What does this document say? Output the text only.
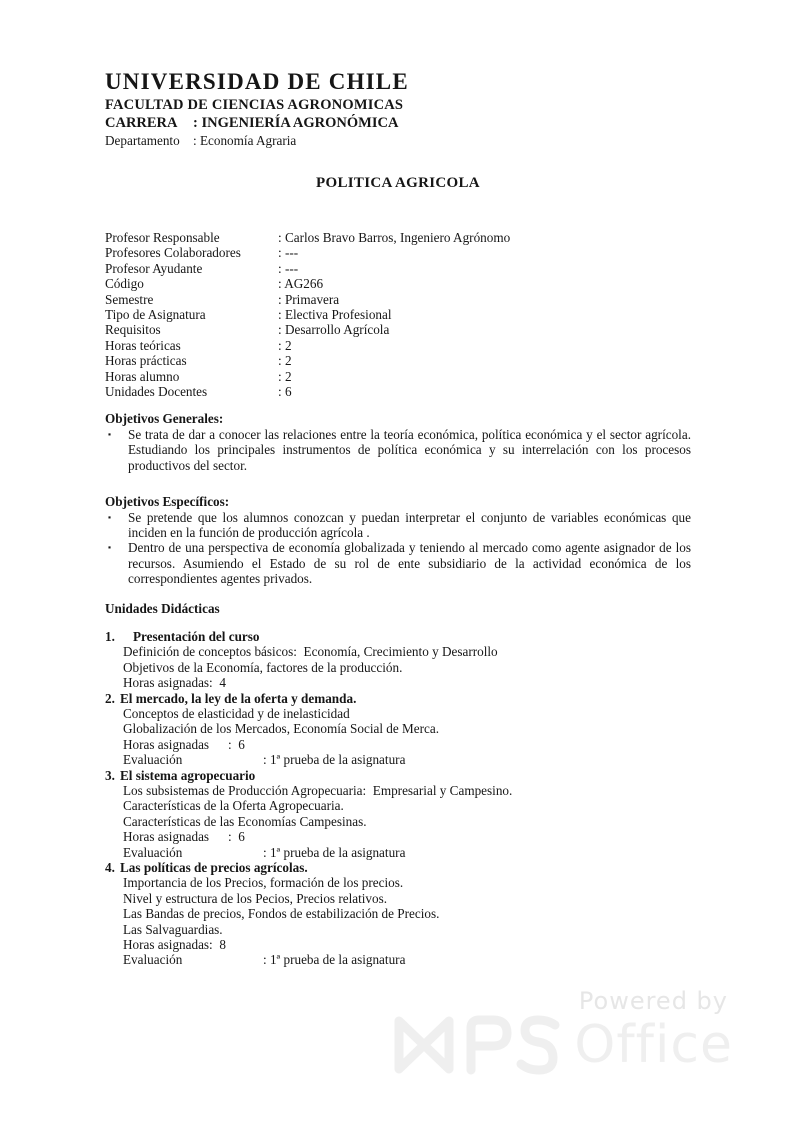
UNIVERSIDAD DE CHILE
FACULTAD DE CIENCIAS AGRONOMICAS
CARRERA	: INGENIERÍA AGRONÓMICA
Departamento	: Economía Agraria
POLITICA AGRICOLA
Profesor Responsable	: Carlos Bravo Barros, Ingeniero Agrónomo
Profesores Colaboradores	: ---
Profesor Ayudante	: ---
Código	: AG266
Semestre	: Primavera
Tipo de Asignatura	: Electiva Profesional
Requisitos	: Desarrollo Agrícola
Horas teóricas	: 2
Horas prácticas	: 2
Horas alumno	: 2
Unidades Docentes	: 6
Objetivos Generales:
▪	Se trata de dar a conocer las relaciones entre la teoría económica, política económica y el sector agrícola. Estudiando los principales instrumentos de política económica y su interrelación con los procesos productivos del sector.
Objetivos Específicos:
▪	Se pretende que los alumnos conozcan y puedan interpretar el conjunto de variables económicas que inciden en la función de producción agrícola .
▪	Dentro de una perspectiva de economía globalizada y teniendo al mercado como agente asignador de los recursos. Asumiendo el Estado de su rol de ente subsidiario de la actividad económica de los correspondientes agentes privados.
Unidades Didácticas
1. Presentación del curso
Definición de conceptos básicos:  Economía, Crecimiento y Desarrollo
Objetivos de la Economía, factores de la producción.
Horas asignadas:  4
2. El mercado, la ley de la oferta y demanda.
Conceptos de elasticidad y de inelasticidad
Globalización de los Mercados, Economía Social de Merca.
Horas asignadas :  6
Evaluación	: 1ª prueba de la asignatura
3. El sistema agropecuario
Los subsistemas de Producción Agropecuaria:  Empresarial y Campesino.
Características de la Oferta Agropecuaria.
Características de las Economías Campesinas.
Horas asignadas :  6
Evaluación	: 1ª prueba de la asignatura
4. Las políticas de precios agrícolas.
Importancia de los Precios, formación de los precios.
Nivel y estructura de los Pecios, Precios relativos.
Las Bandas de precios, Fondos de estabilización de Precios.
Las Salvaguardias.
Horas asignadas:  8
Evaluación	: 1ª prueba de la asignatura
Powered by
Office
